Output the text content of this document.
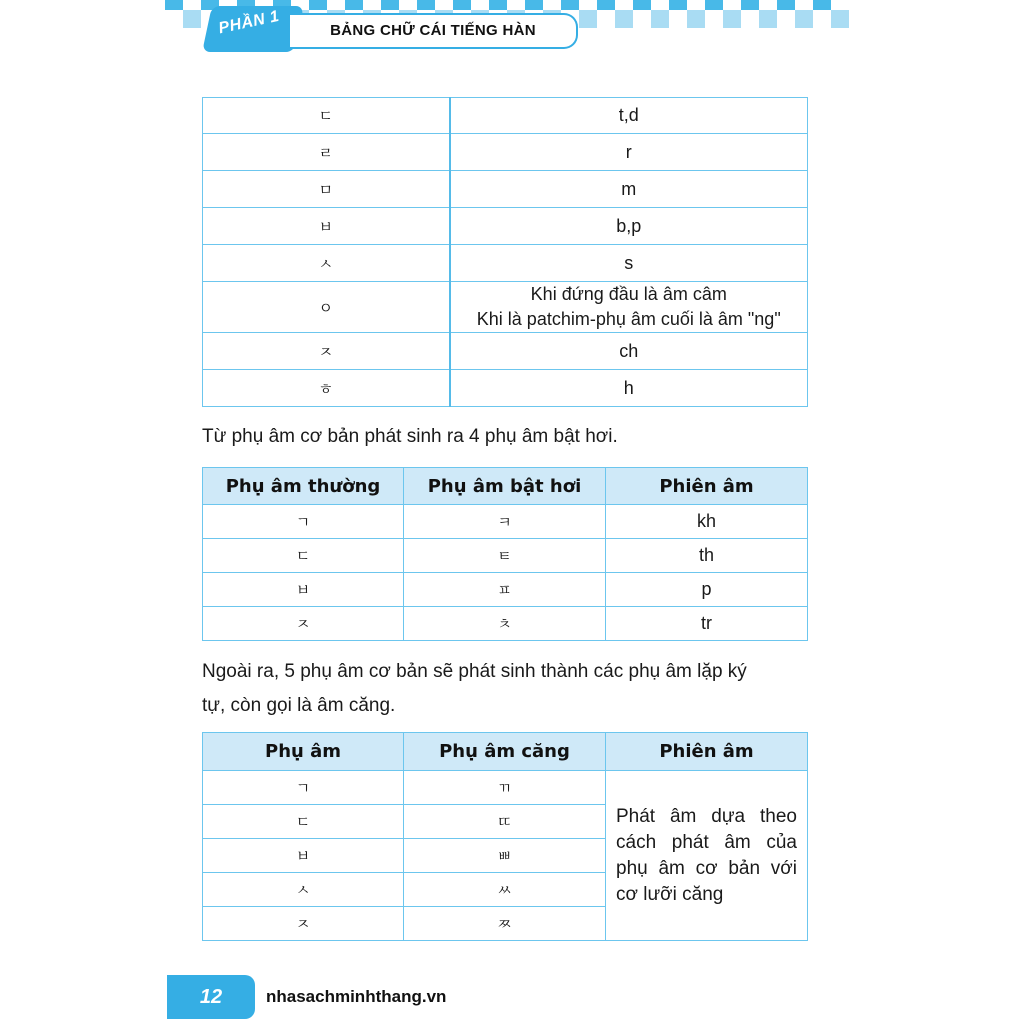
PHẦN 1	BẢNG CHỮ CÁI TIẾNG HÀN
ㄷ	t,d
ㄹ	r
ㅁ	m
ㅂ	b,p
ㅅ	s
ㅇ	Khi đứng đầu là âm câm
Khi là patchim-phụ âm cuối là âm "ng"

ㅈ	ch
ㅎ	h
Từ phụ âm cơ bản phát sinh ra 4 phụ âm bật hơi.
Phụ âm thường	Phụ âm bật hơi	Phiên âm
ㄱ	ㅋ	kh
ㄷ	ㅌ	th
ㅂ	ㅍ	p
ㅈ	ㅊ	tr
Ngoài ra, 5 phụ âm cơ bản sẽ phát sinh thành các phụ âm lặp ký
tự, còn gọi là âm căng.
Phụ âm	Phụ âm căng	Phiên âm
ㄱ	ㄲ	Phát âm dựa theo cách phát âm của phụ âm cơ bản với cơ lưỡi căng
ㄷ	ㄸ	
ㅂ	ㅃ	
ㅅ	ㅆ	
ㅈ	ㅉ	
12	nhasachminhthang.vn
